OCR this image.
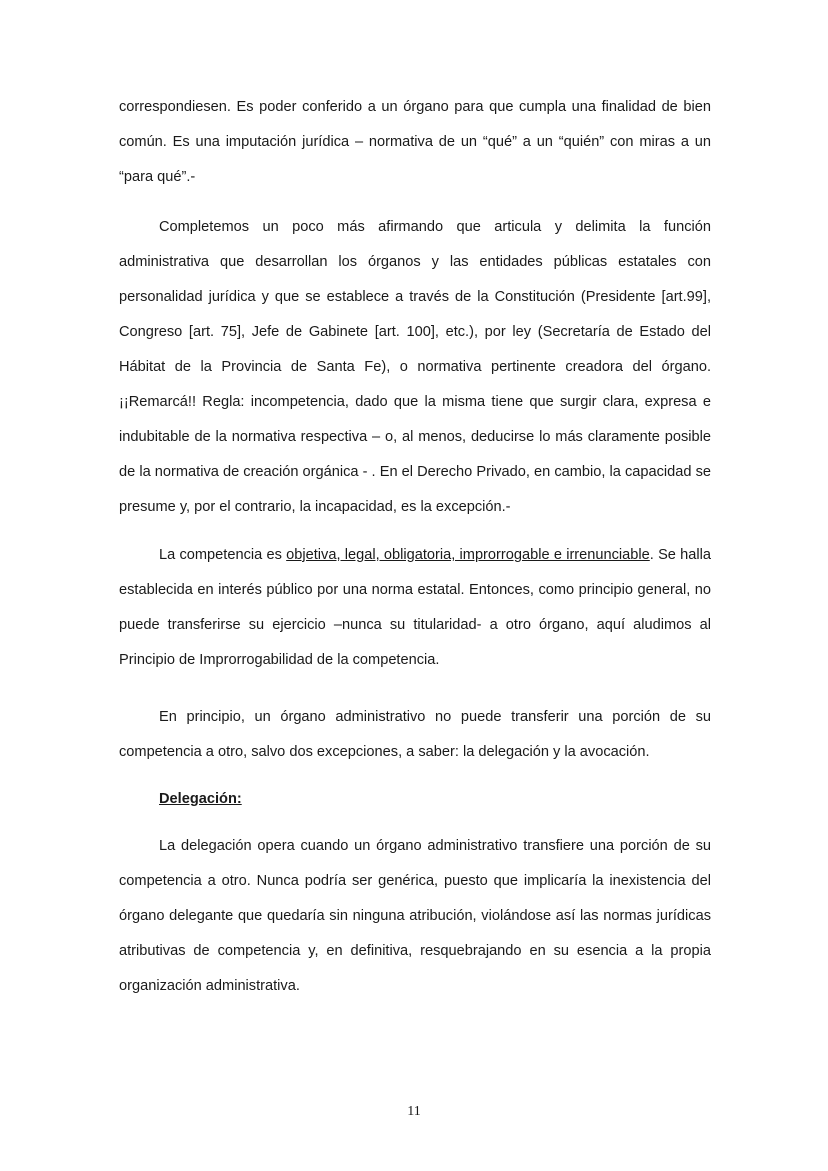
correspondiesen. Es poder conferido a un órgano para que cumpla una finalidad de bien común. Es una imputación jurídica – normativa de un “qué” a un “quién” con miras a un “para qué”.-

Completemos un poco más afirmando que articula y delimita la función administrativa que desarrollan los órganos y las entidades públicas estatales con personalidad jurídica y que se establece a través de la Constitución (Presidente [art.99], Congreso [art. 75], Jefe de Gabinete [art. 100], etc.), por ley (Secretaría de Estado del Hábitat de la Provincia de Santa Fe), o normativa pertinente creadora del órgano. ¡¡Remarcá!! Regla: incompetencia, dado que la misma tiene que surgir clara, expresa e indubitable de la normativa respectiva – o, al menos, deducirse lo más claramente posible de la normativa de creación orgánica - . En el Derecho Privado, en cambio, la capacidad se presume y, por el contrario, la incapacidad, es la excepción.-

La competencia es objetiva, legal, obligatoria, improrrogable e irrenunciable. Se halla establecida en interés público por una norma estatal. Entonces, como principio general, no puede transferirse su ejercicio –nunca su titularidad- a otro órgano, aquí aludimos al Principio de Improrrogabilidad de la competencia.

En principio, un órgano administrativo no puede transferir una porción de su competencia a otro, salvo dos excepciones, a saber: la delegación y la avocación.

Delegación:

La delegación opera cuando un órgano administrativo transfiere una porción de su competencia a otro. Nunca podría ser genérica, puesto que implicaría la inexistencia del órgano delegante que quedaría sin ninguna atribución, violándose así las normas jurídicas atributivas de competencia y, en definitiva, resquebrajando en su esencia a la propia organización administrativa.

11
